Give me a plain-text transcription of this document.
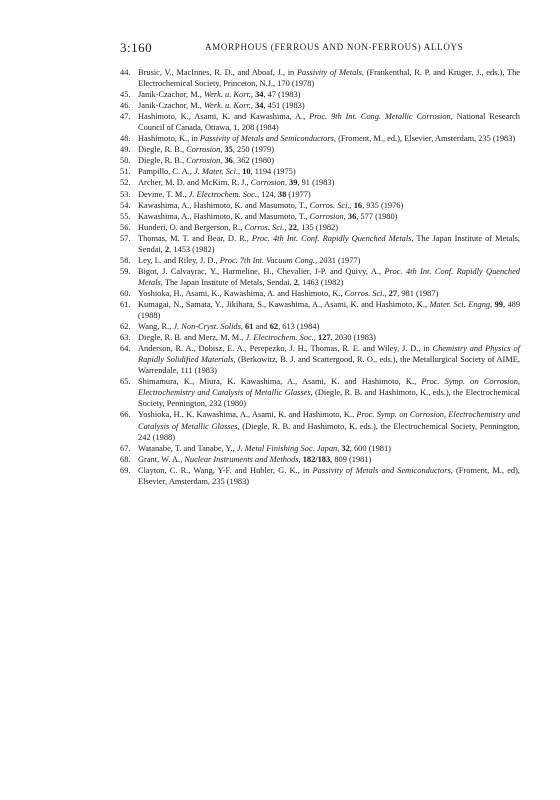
3:160	AMORPHOUS (FERROUS AND NON-FERROUS) ALLOYS
44. Brusic, V., MacInnes, R. D., and Aboaf, J., in Passivity of Metals, (Frankenthal, R. P. and Kruger, J., eds.), The Electrochemical Society, Princeton, N.J., 170 (1978)
45. Janik-Czachor, M., Werk. u. Korr., 34, 47 (1983)
46. Janik-Czachor, M., Werk. u. Korr., 34, 451 (1983)
47. Hashimoto, K., Asami, K. and Kawashima, A., Proc. 9th Int. Cong. Metallic Corrosion, National Research Council of Canada, Ottawa, 1, 208 (1984)
48. Hashimoto, K., in Passivity of Metals and Semiconductors, (Froment, M., ed.), Elsevier, Amsterdam, 235 (1983)
49. Diegle, R. B., Corrosion, 35, 250 (1979)
50. Diegle, R. B., Corrosion, 36, 362 (1980)
51. Pampillo, C. A., J. Mater. Sci., 10, 1194 (1975)
52. Archer, M. D. and McKim, R. J., Corrosion, 39, 91 (1983)
53. Devine, T. M., J. Electrochem. Soc., 124, 38 (1977)
54. Kawashima, A., Hashimoto, K. and Masumoto, T., Corros. Sci., 16, 935 (1976)
55. Kawashima, A., Hashimoto, K. and Masumoto, T., Corrosion, 36, 577 (1980)
56. Hunderi, O. and Bergerson, R., Corros. Sci., 22, 135 (1982)
57. Thomas, M. T. and Bear, D. R., Proc. 4th Int. Conf. Rapidly Quenched Metals, The Japan Institute of Metals, Sendai, 2, 1453 (1982)
58. Ley, L. and Riley, J. D., Proc. 7th Int. Vacuum Cong., 2031 (1977)
59. Bigot, J. Calvayrac, Y., Harmeline, H., Chevalier, J-P. and Quivy, A., Proc. 4th Int. Conf. Rapidly Quenched Metals, The Japan Institute of Metals, Sendai, 2, 1463 (1982)
60. Yoshioka, H., Asami, K., Kawashima, A. and Hashimoto, K., Corros. Sci., 27, 981 (1987)
61. Kumagai, N., Samata, Y., Jikihara, S., Kawashima, A., Asami, K. and Hashimoto, K., Mater. Sci. Engng, 99, 489 (1988)
62. Wang, R., J. Non-Cryst. Solids, 61 and 62, 613 (1984)
63. Diegle, R. B. and Merz, M. M., J. Electrochem. Soc., 127, 2030 (1983)
64. Anderson, R. A., Dobisz, E. A., Perepezko, J. H., Thomas, R. E. and Wiley, J. D., in Chemistry and Physics of Rapidly Solidified Materials, (Berkowitz, B. J. and Scattergood, R. O., eds.), the Metallurgical Society of AIME, Warrendale, 111 (1983)
65. Shimamura, K., Miura, K. Kawashima, A., Asami, K. and Hashimoto, K., Proc. Symp. on Corrosion, Electrochemistry and Catalysis of Metallic Glasses, (Diegle, R. B. and Hashimoto, K., eds.), the Electrochemical Society, Pennington, 232 (1980)
66. Yoshioka, H., K. Kawashima, A., Asami, K. and Hashimoto, K., Proc. Symp. on Corrosion, Electrochemistry and Catalysis of Metallic Glasses, (Diegle, R. B. and Hashimoto, K, eds.), the Electrochemical Society, Pennington, 242 (1988)
67. Watanabe, T. and Tanabe, Y., J. Metal Finishing Soc. Japan, 32, 600 (1981)
68. Grant, W. A., Nuclear Instruments and Methods, 182/183, 809 (1981)
69. Clayton, C. R., Wang, Y-F. and Hubler, G. K., in Passivity of Metals and Semiconductors, (Froment, M., ed), Elsevier, Amsterdam, 235 (1983)
